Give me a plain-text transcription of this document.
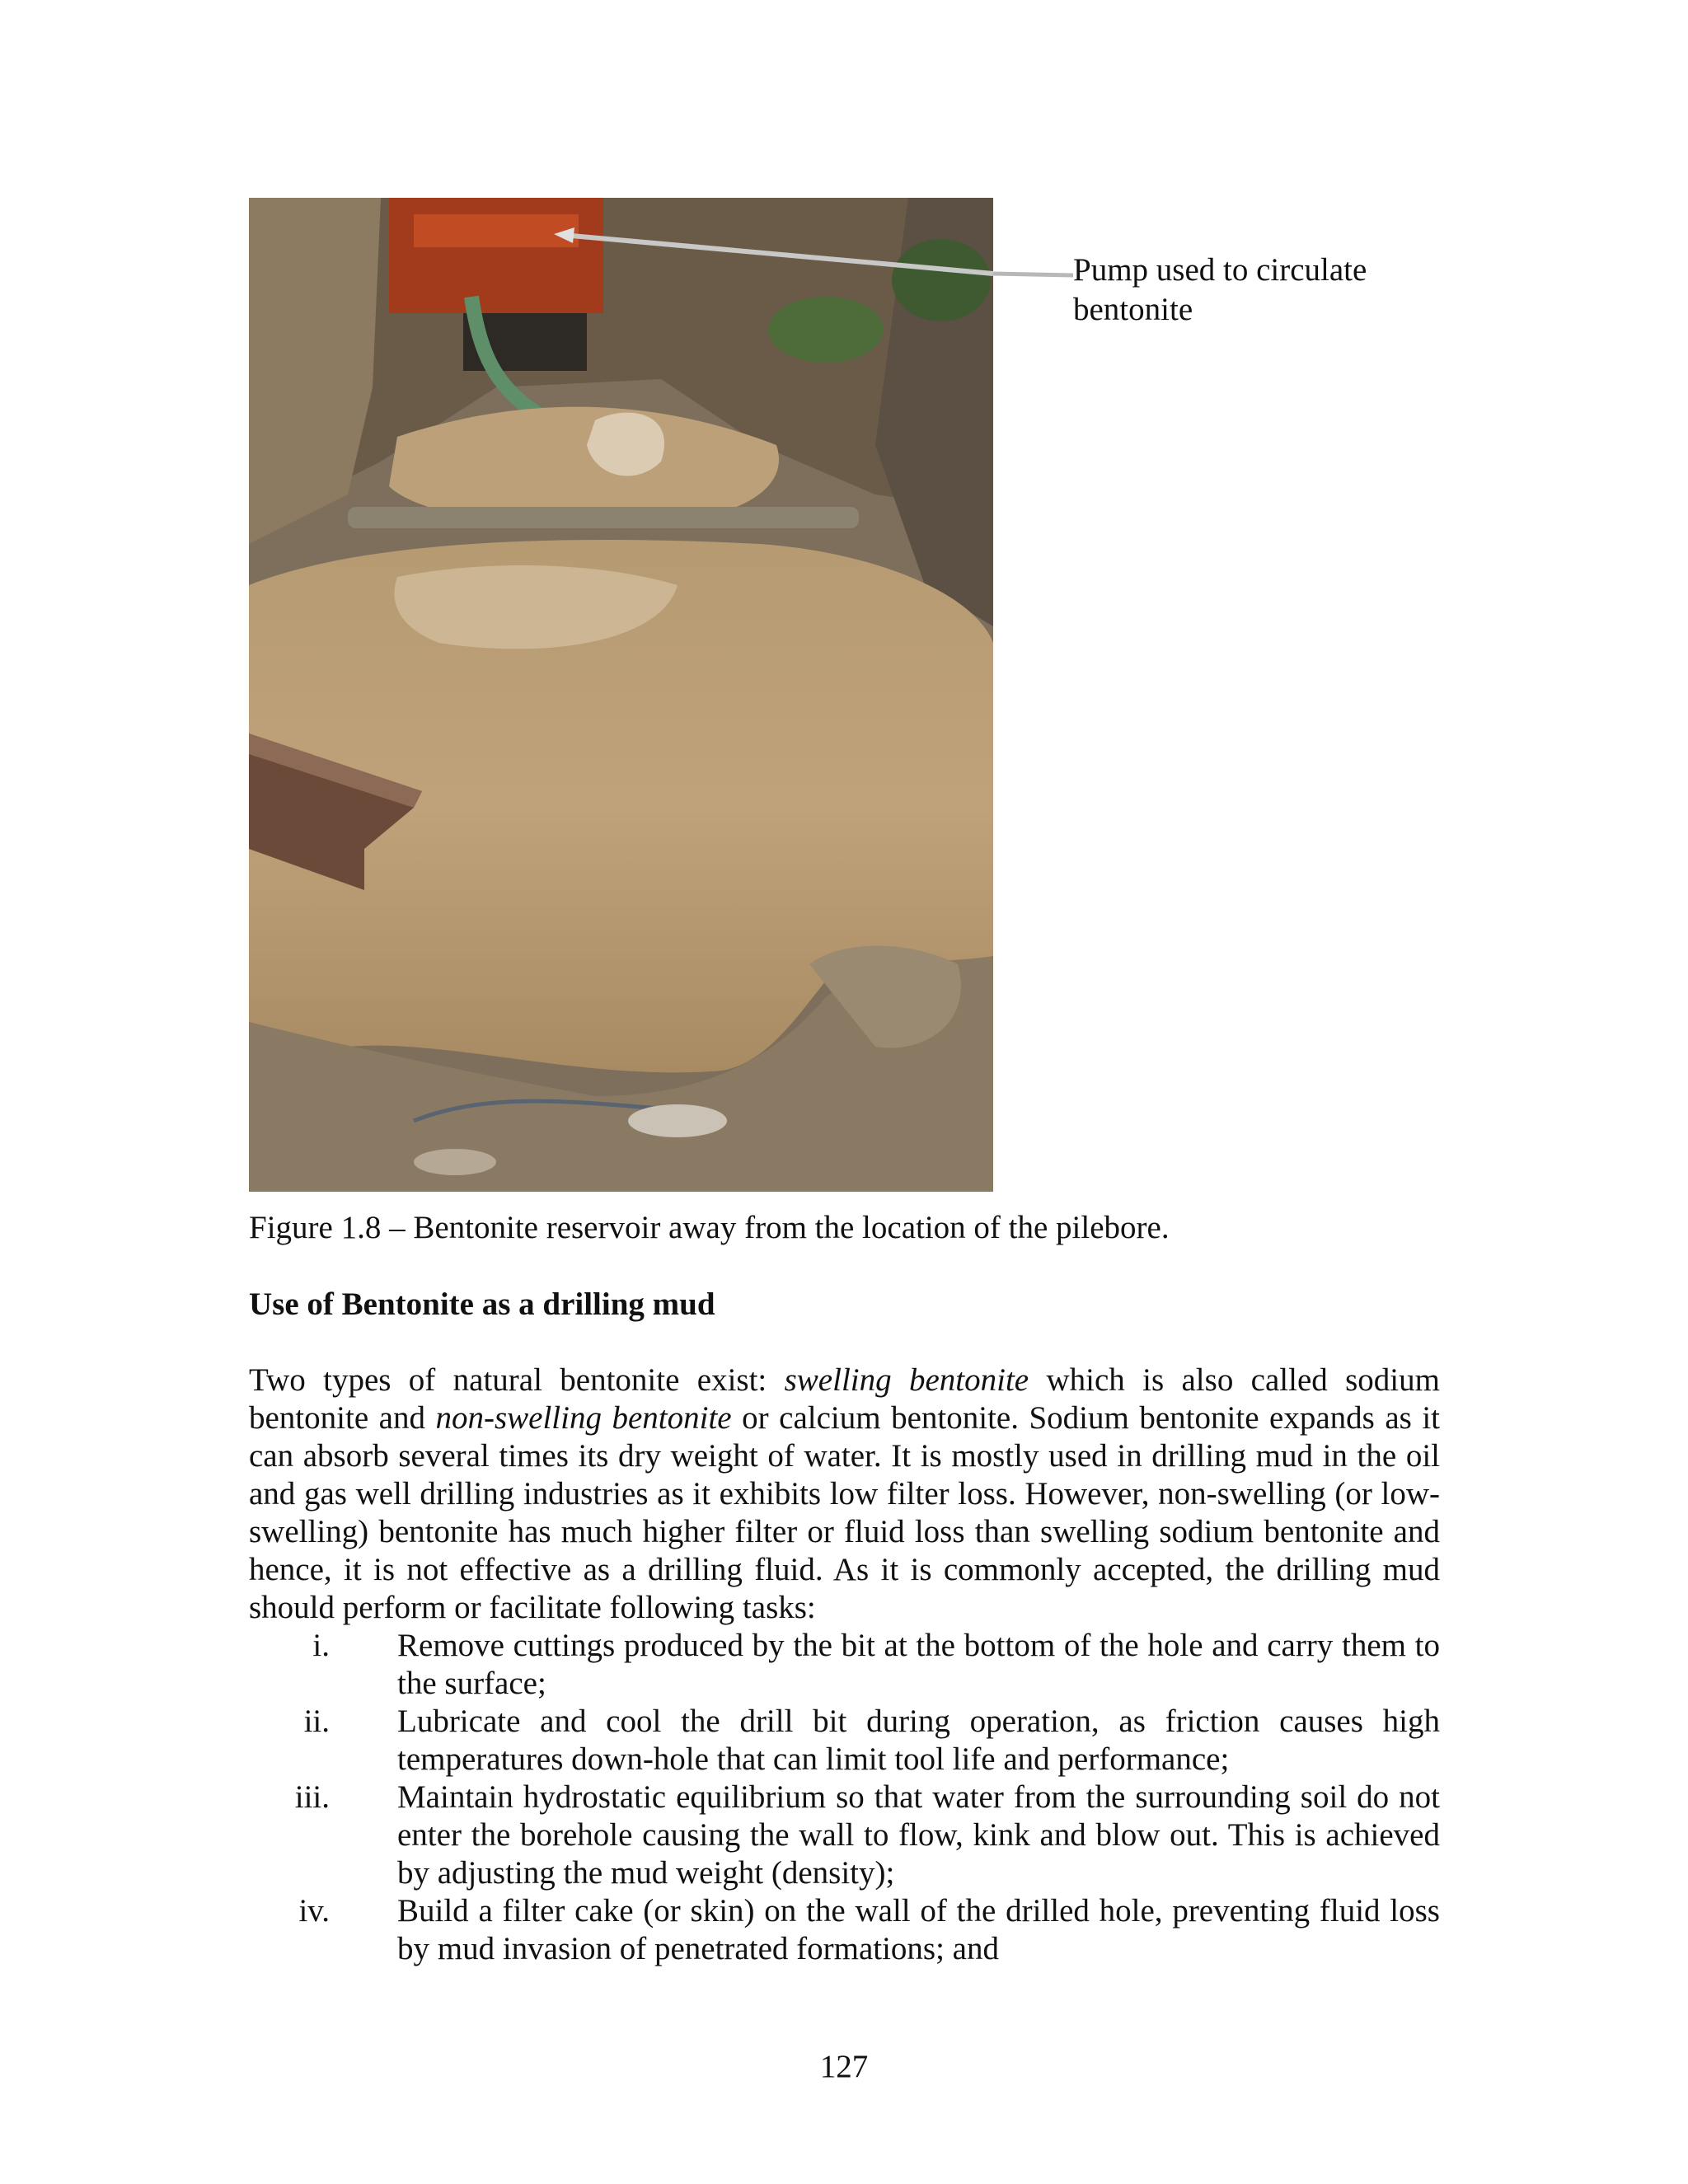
Pump used to circulate bentonite
Figure 1.8 – Bentonite reservoir away from the location of the pilebore.
Use of Bentonite as a drilling mud

Two types of natural bentonite exist: swelling bentonite which is also called sodium bentonite and non-swelling bentonite or calcium bentonite. Sodium bentonite expands as it can absorb several times its dry weight of water. It is mostly used in drilling mud in the oil and gas well drilling industries as it exhibits low filter loss. However, non-swelling (or low-swelling) bentonite has much higher filter or fluid loss than swelling sodium bentonite and hence, it is not effective as a drilling fluid. As it is commonly accepted, the drilling mud should perform or facilitate following tasks:

i. Remove cuttings produced by the bit at the bottom of the hole and carry them to the surface;
ii. Lubricate and cool the drill bit during operation, as friction causes high temperatures down-hole that can limit tool life and performance;
iii. Maintain hydrostatic equilibrium so that water from the surrounding soil do not enter the borehole causing the wall to flow, kink and blow out. This is achieved by adjusting the mud weight (density);
iv. Build a filter cake (or skin) on the wall of the drilled hole, preventing fluid loss by mud invasion of penetrated formations; and
127
